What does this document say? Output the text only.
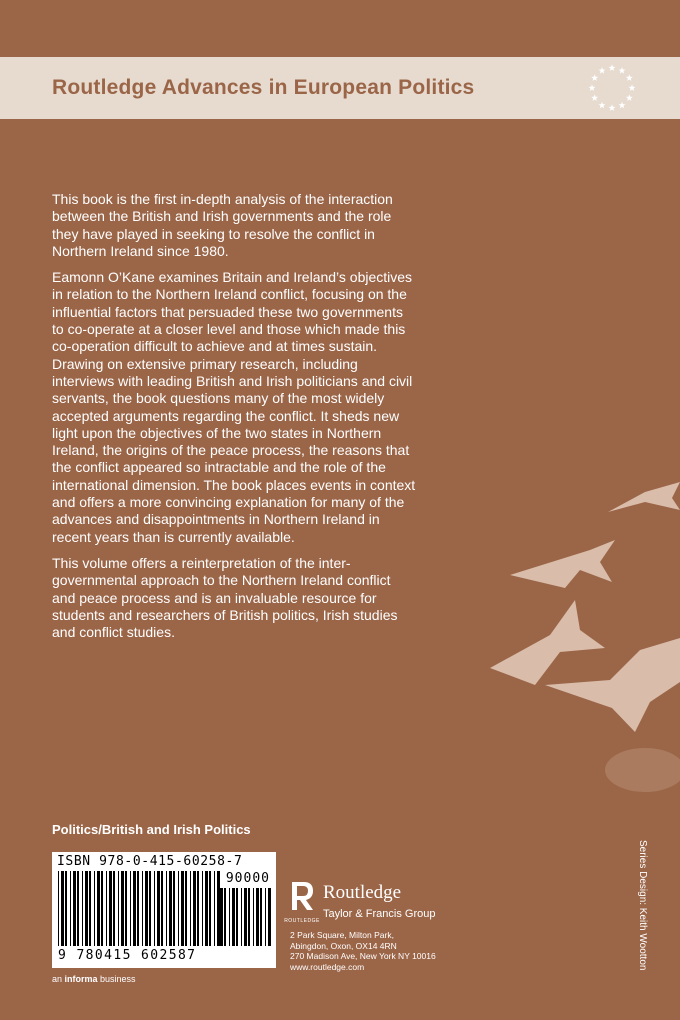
Routledge Advances in European Politics

This book is the first in-depth analysis of the interaction between the British and Irish governments and the role they have played in seeking to resolve the conflict in Northern Ireland since 1980.

Eamonn O’Kane examines Britain and Ireland’s objectives in relation to the Northern Ireland conflict, focusing on the influential factors that persuaded these two governments to co-operate at a closer level and those which made this co-operation difficult to achieve and at times sustain. Drawing on extensive primary research, including interviews with leading British and Irish politicians and civil servants, the book questions many of the most widely accepted arguments regarding the conflict. It sheds new light upon the objectives of the two states in Northern Ireland, the origins of the peace process, the reasons that the conflict appeared so intractable and the role of the international dimension. The book places events in context and offers a more convincing explanation for many of the advances and disappointments in Northern Ireland in recent years than is currently available.

This volume offers a reinterpretation of the inter-governmental approach to the Northern Ireland conflict and peace process and is an invaluable resource for students and researchers of British politics, Irish studies and conflict studies.

Politics/British and Irish Politics
ISBN 978-0-415-60258-7
90000
9 780415 602587
an informa business
ROUTLEDGE
Routledge
Taylor & Francis Group
2 Park Square, Milton Park,
Abingdon, Oxon, OX14 4RN
270 Madison Ave, New York NY 10016
www.routledge.com	Series Design: Keith Wootton
